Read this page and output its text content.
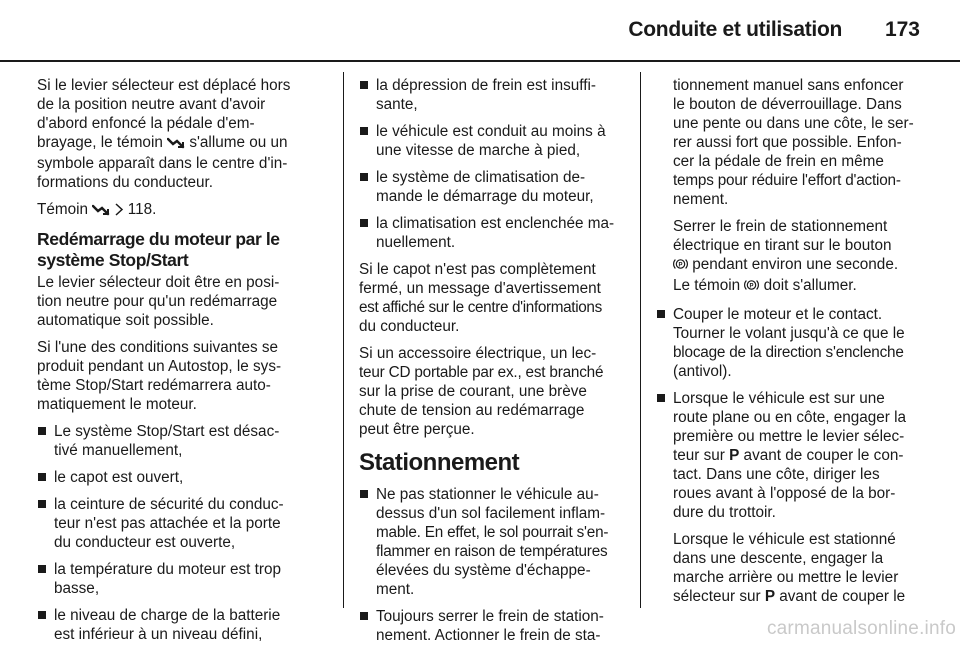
Conduite et utilisation 173

Si le levier sélecteur est déplacé hors
de la position neutre avant d'avoir
d'abord enfoncé la pédale d'em-
brayage, le témoin  s'allume ou un
symbole apparaît dans le centre d'in-
formations du conducteur.

Témoin   118.

Redémarrage du moteur par le
système Stop/Start

Le levier sélecteur doit être en posi-
tion neutre pour qu'un redémarrage
automatique soit possible.

Si l'une des conditions suivantes se
produit pendant un Autostop, le sys-
tème Stop/Start redémarrera auto-
matiquement le moteur.

Le système Stop/Start est désac-
tivé manuellement,
le capot est ouvert,
la ceinture de sécurité du conduc-
teur n'est pas attachée et la porte
du conducteur est ouverte,
la température du moteur est trop
basse,
le niveau de charge de la batterie
est inférieur à un niveau défini,
la dépression de frein est insuffi-
sante,
le véhicule est conduit au moins à
une vitesse de marche à pied,
le système de climatisation de-
mande le démarrage du moteur,
la climatisation est enclenchée ma-
nuellement.

Si le capot n'est pas complètement
fermé, un message d'avertissement
est affiché sur le centre d'informations
du conducteur.

Si un accessoire électrique, un lec-
teur CD portable par ex., est branché
sur la prise de courant, une brève
chute de tension au redémarrage
peut être perçue.

Stationnement
Ne pas stationner le véhicule au-
dessus d'un sol facilement inflam-
mable. En effet, le sol pourrait s'en-
flammer en raison de températures
élevées du système d'échappe-
ment.
Toujours serrer le frein de station-
nement. Actionner le frein de sta-

tionnement manuel sans enfoncer
le bouton de déverrouillage. Dans
une pente ou dans une côte, le ser-
rer aussi fort que possible. Enfon-
cer la pédale de frein en même
temps pour réduire l'effort d'action-
nement.

Serrer le frein de stationnement
électrique en tirant sur le bouton
P pendant environ une seconde.
Le témoin P doit s'allumer.

Couper le moteur et le contact.
Tourner le volant jusqu'à ce que le
blocage de la direction s'enclenche
(antivol).
Lorsque le véhicule est sur une
route plane ou en côte, engager la
première ou mettre le levier sélec-
teur sur P avant de couper le con-
tact. Dans une côte, diriger les
roues avant à l'opposé de la bor-
dure du trottoir.
Lorsque le véhicule est stationné
dans une descente, engager la
marche arrière ou mettre le levier
sélecteur sur P avant de couper le
carmanualsonline.info
